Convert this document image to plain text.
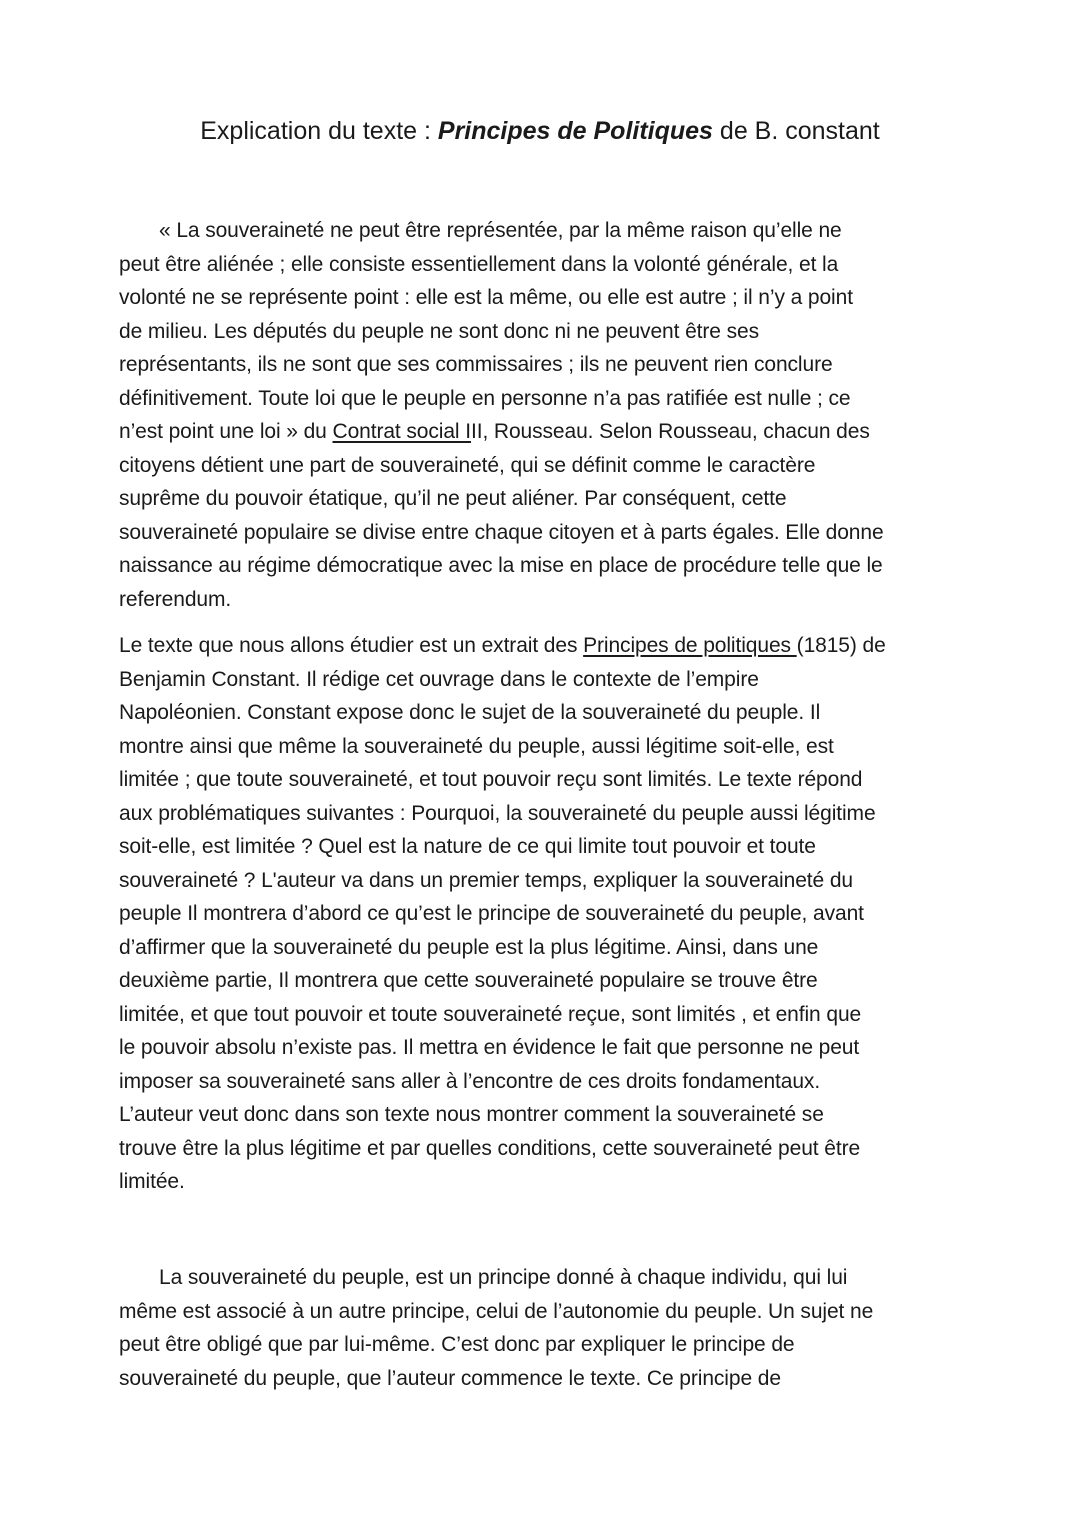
Explication du texte : Principes de Politiques de B. constant
« La souveraineté ne peut être représentée, par la même raison qu’elle ne
peut être aliénée ; elle consiste essentiellement dans la volonté générale, et la
volonté ne se représente point : elle est la même, ou elle est autre ; il n’y a point
de milieu. Les députés du peuple ne sont donc ni ne peuvent être ses
représentants, ils ne sont que ses commissaires ; ils ne peuvent rien conclure
définitivement. Toute loi que le peuple en personne n’a pas ratifiée est nulle ; ce
n’est point une loi » du Contrat social III, Rousseau. Selon Rousseau, chacun des
citoyens détient une part de souveraineté, qui se définit comme le caractère
suprême du pouvoir étatique, qu’il ne peut aliéner. Par conséquent, cette
souveraineté populaire se divise entre chaque citoyen et à parts égales. Elle donne
naissance au régime démocratique avec la mise en place de procédure telle que le
referendum.
Le texte que nous allons étudier est un extrait des Principes de politiques (1815) de
Benjamin Constant. Il rédige cet ouvrage dans le contexte de l’empire
Napoléonien. Constant expose donc le sujet de la souveraineté du peuple. Il
montre ainsi que même la souveraineté du peuple, aussi légitime soit-elle, est
limitée ; que toute souveraineté, et tout pouvoir reçu sont limités. Le texte répond
aux problématiques suivantes : Pourquoi, la souveraineté du peuple aussi légitime
soit-elle, est limitée ? Quel est la nature de ce qui limite tout pouvoir et toute
souveraineté ? L'auteur va dans un premier temps, expliquer la souveraineté du
peuple Il montrera d’abord ce qu’est le principe de souveraineté du peuple, avant
d’affirmer que la souveraineté du peuple est la plus légitime. Ainsi, dans une
deuxième partie, Il montrera que cette souveraineté populaire se trouve être
limitée, et que tout pouvoir et toute souveraineté reçue, sont limités , et enfin que
le pouvoir absolu n’existe pas. Il mettra en évidence le fait que personne ne peut
imposer sa souveraineté sans aller à l’encontre de ces droits fondamentaux.
L’auteur veut donc dans son texte nous montrer comment la souveraineté se
trouve être la plus légitime et par quelles conditions, cette souveraineté peut être
limitée.
La souveraineté du peuple, est un principe donné à chaque individu, qui lui
même est associé à un autre principe, celui de l’autonomie du peuple. Un sujet ne
peut être obligé que par lui-même. C’est donc par expliquer le principe de
souveraineté du peuple, que l’auteur commence le texte. Ce principe de
